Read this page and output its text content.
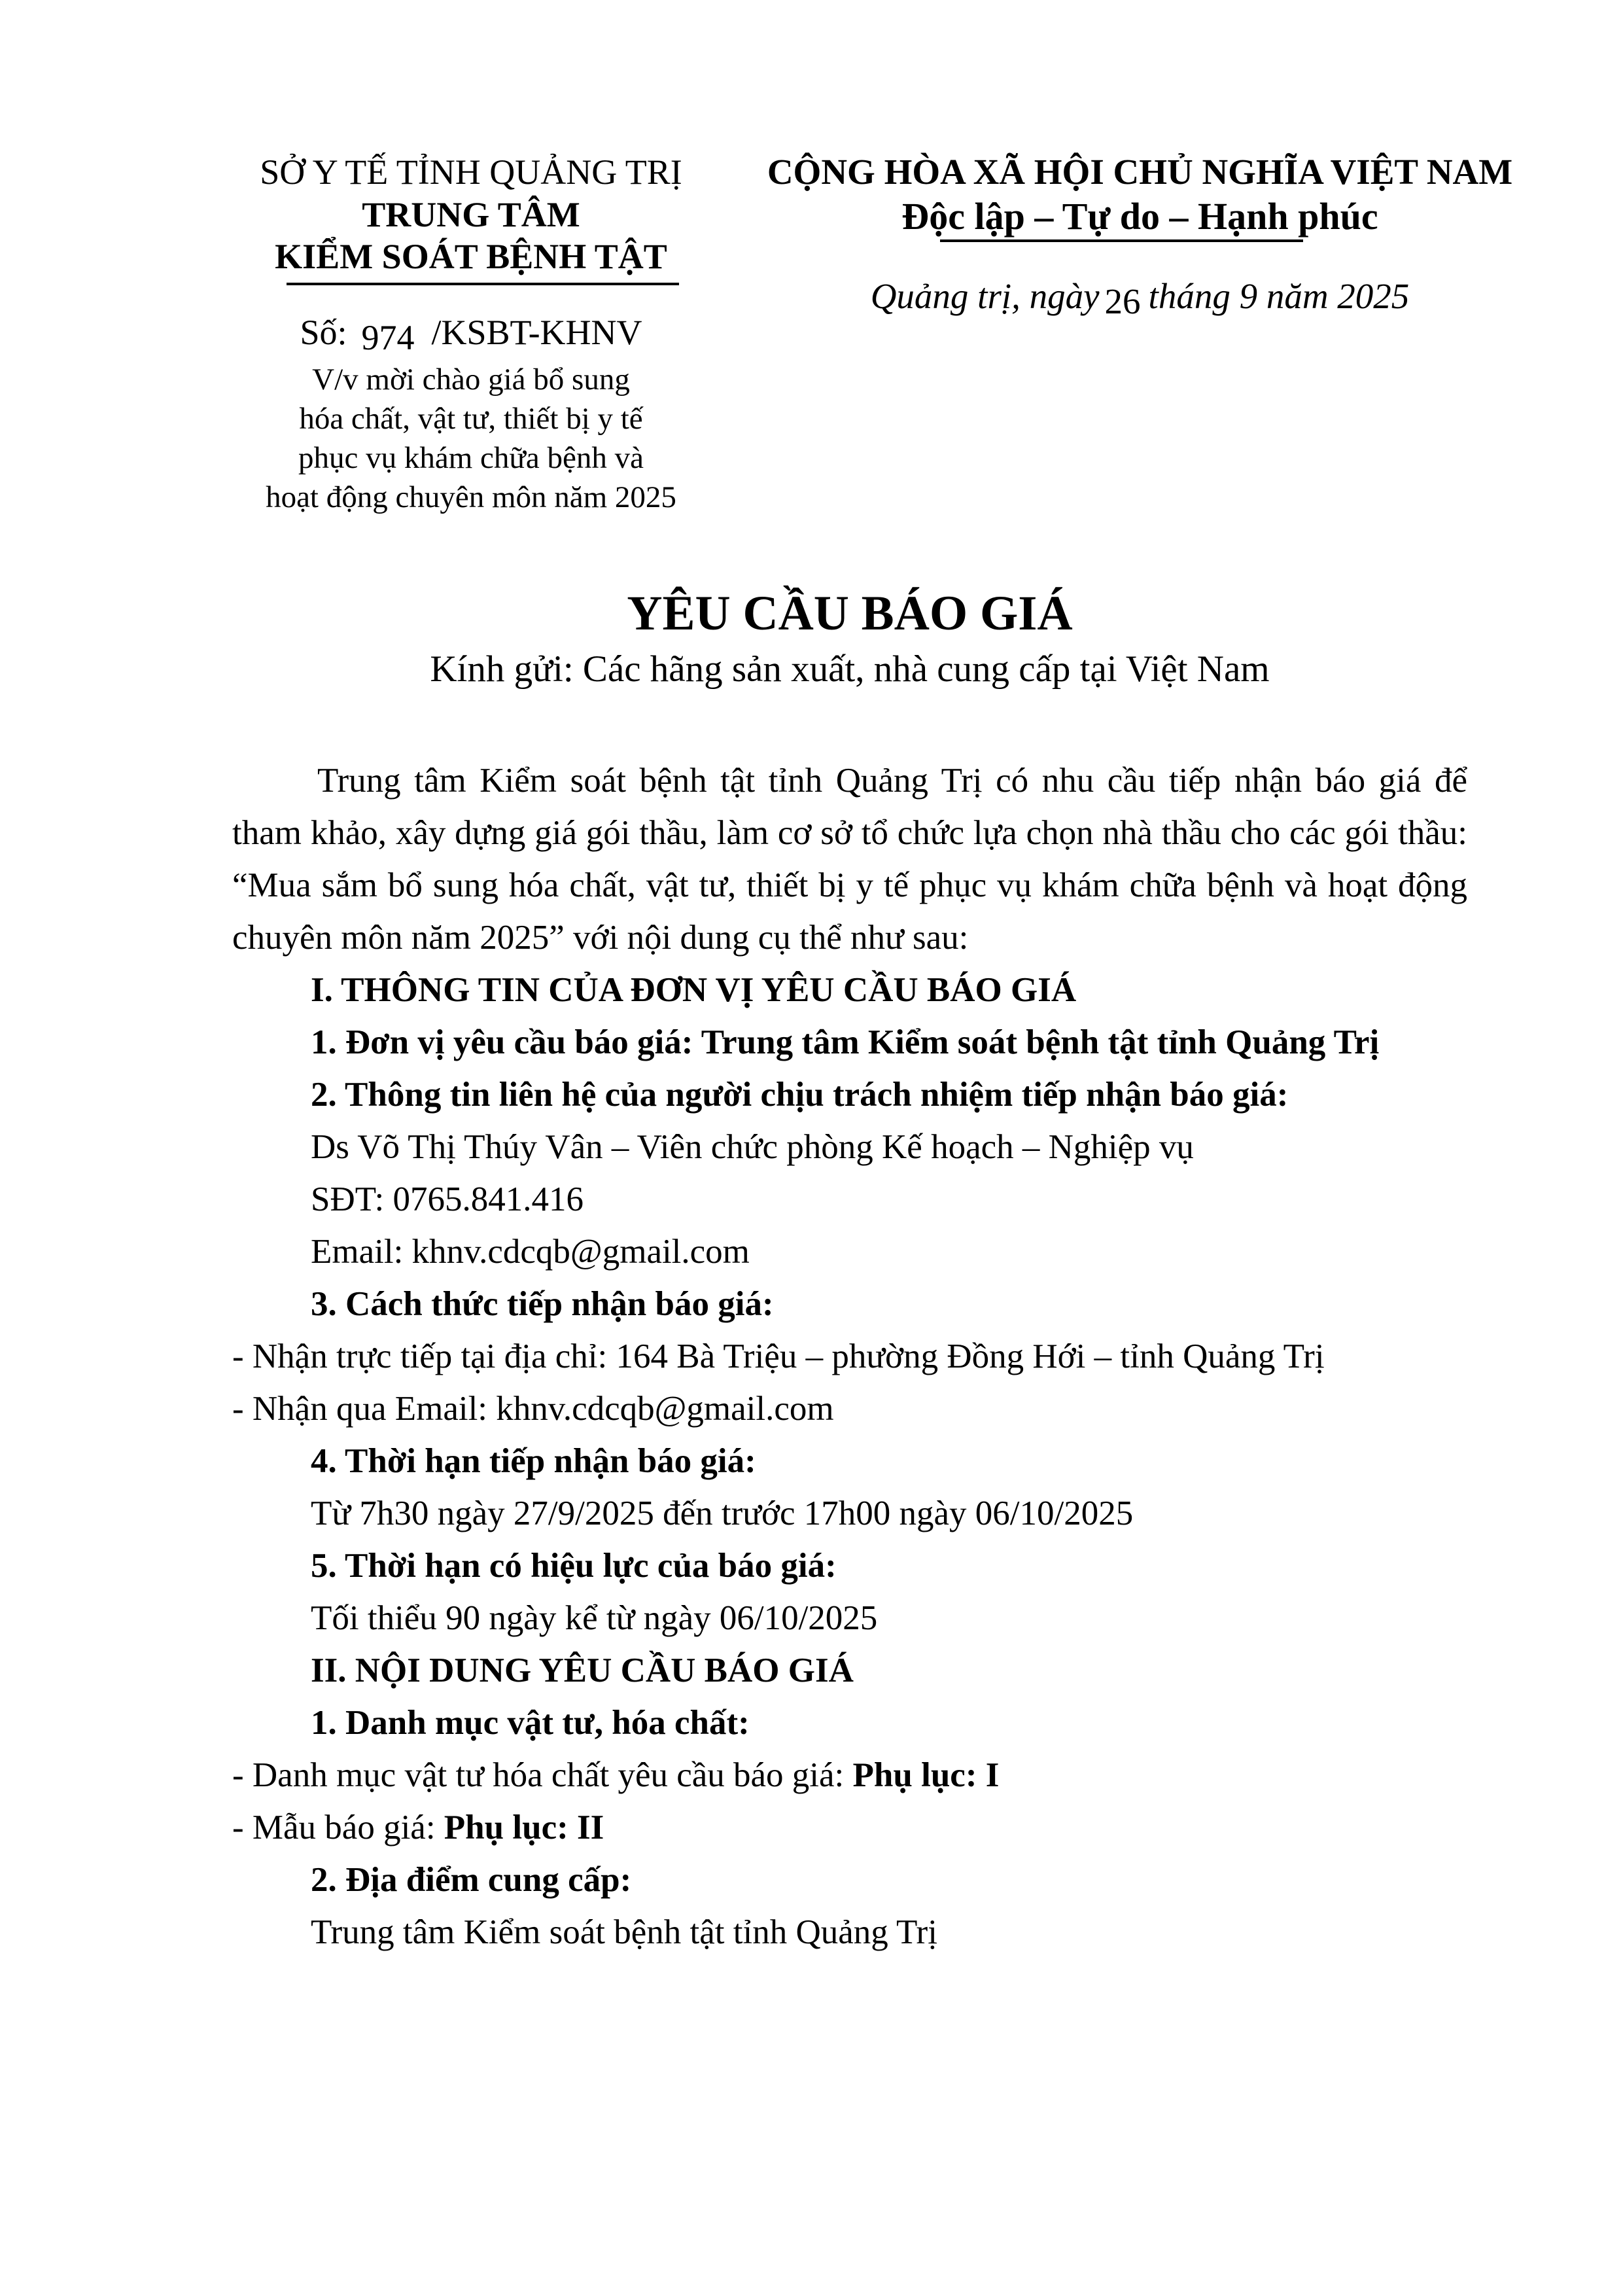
SỞ Y TẾ TỈNH QUẢNG TRỊ
TRUNG TÂM
KIỂM SOÁT BỆNH TẬT
Số: 974 /KSBT-KHNV
V/v mời chào giá bổ sung
hóa chất, vật tư, thiết bị y tế
phục vụ khám chữa bệnh và
hoạt động chuyên môn năm 2025
CỘNG HÒA XÃ HỘI CHỦ NGHĨA VIỆT NAM
Độc lập – Tự do – Hạnh phúc
Quảng trị, ngày 26 tháng 9 năm 2025
YÊU CẦU BÁO GIÁ
Kính gửi: Các hãng sản xuất, nhà cung cấp tại Việt Nam

Trung tâm Kiểm soát bệnh tật tỉnh Quảng Trị có nhu cầu tiếp nhận báo giá để tham khảo, xây dựng giá gói thầu, làm cơ sở tổ chức lựa chọn nhà thầu cho các gói thầu: “Mua sắm bổ sung hóa chất, vật tư, thiết bị y tế phục vụ khám chữa bệnh và hoạt động chuyên môn năm 2025” với nội dung cụ thể như sau:

I. THÔNG TIN CỦA ĐƠN VỊ YÊU CẦU BÁO GIÁ

1. Đơn vị yêu cầu báo giá: Trung tâm Kiểm soát bệnh tật tỉnh Quảng Trị

2. Thông tin liên hệ của người chịu trách nhiệm tiếp nhận báo giá:

Ds Võ Thị Thúy Vân – Viên chức phòng Kế hoạch – Nghiệp vụ

SĐT: 0765.841.416

Email: khnv.cdcqb@gmail.com

3. Cách thức tiếp nhận báo giá:

- Nhận trực tiếp tại địa chỉ: 164 Bà Triệu – phường Đồng Hới – tỉnh Quảng Trị

- Nhận qua Email: khnv.cdcqb@gmail.com

4. Thời hạn tiếp nhận báo giá:

Từ 7h30 ngày 27/9/2025 đến trước 17h00 ngày 06/10/2025

5. Thời hạn có hiệu lực của báo giá:

Tối thiểu 90 ngày kể từ ngày 06/10/2025

II. NỘI DUNG YÊU CẦU BÁO GIÁ

1. Danh mục vật tư, hóa chất:

- Danh mục vật tư hóa chất yêu cầu báo giá: Phụ lục: I

- Mẫu báo giá: Phụ lục: II

2. Địa điểm cung cấp:

Trung tâm Kiểm soát bệnh tật tỉnh Quảng Trị
